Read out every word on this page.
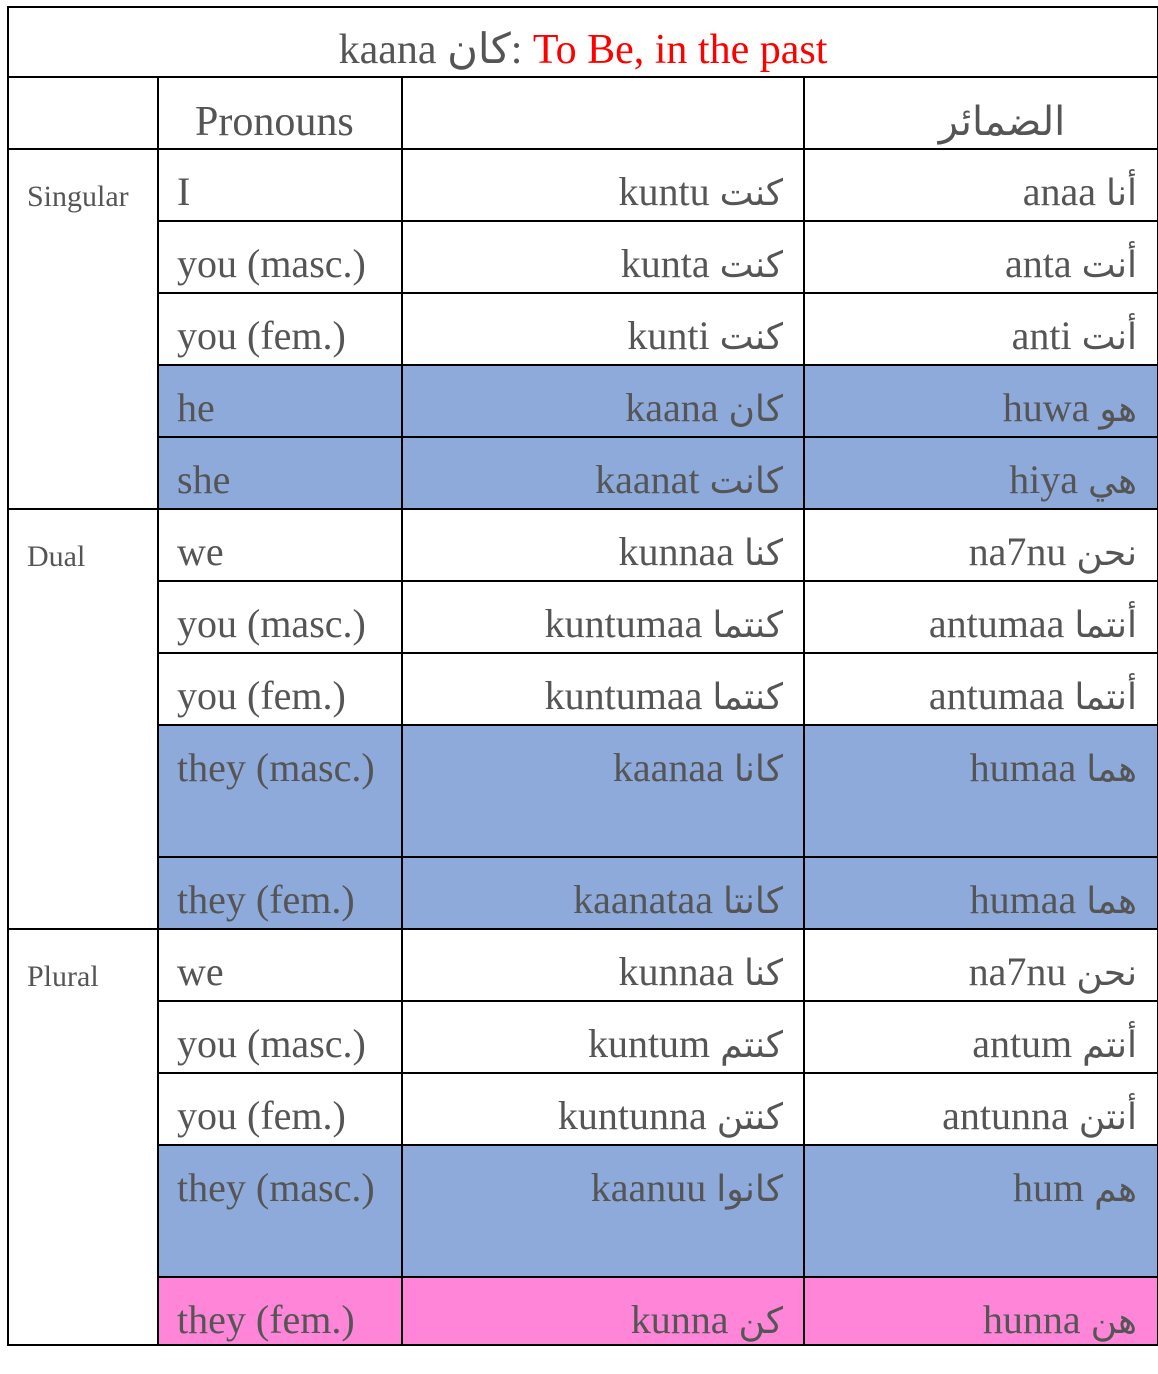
kaana كان: To Be, in the past			
	Pronouns		الضمائر
Singular	I	kuntu كنت	anaa أنا
	you (masc.)	kunta كنت	anta أنت
	you (fem.)	kunti كنت	anti أنت
	he	kaana كان	huwa هو
	she	kaanat كانت	hiya هي
Dual	we	kunnaa كنا	na7nu نحن
	you (masc.)	kuntumaa كنتما	antumaa أنتما
	you (fem.)	kuntumaa كنتما	antumaa أنتما
	they (masc.)	kaanaa كانا	humaa هما
	they (fem.)	kaanataa كانتا	humaa هما
Plural	we	kunnaa كنا	na7nu نحن
	you (masc.)	kuntum كنتم	antum أنتم
	you (fem.)	kuntunna كنتن	antunna أنتن
	they (masc.)	kaanuu كانوا	hum هم
	they (fem.)	kunna كن	hunna هن
